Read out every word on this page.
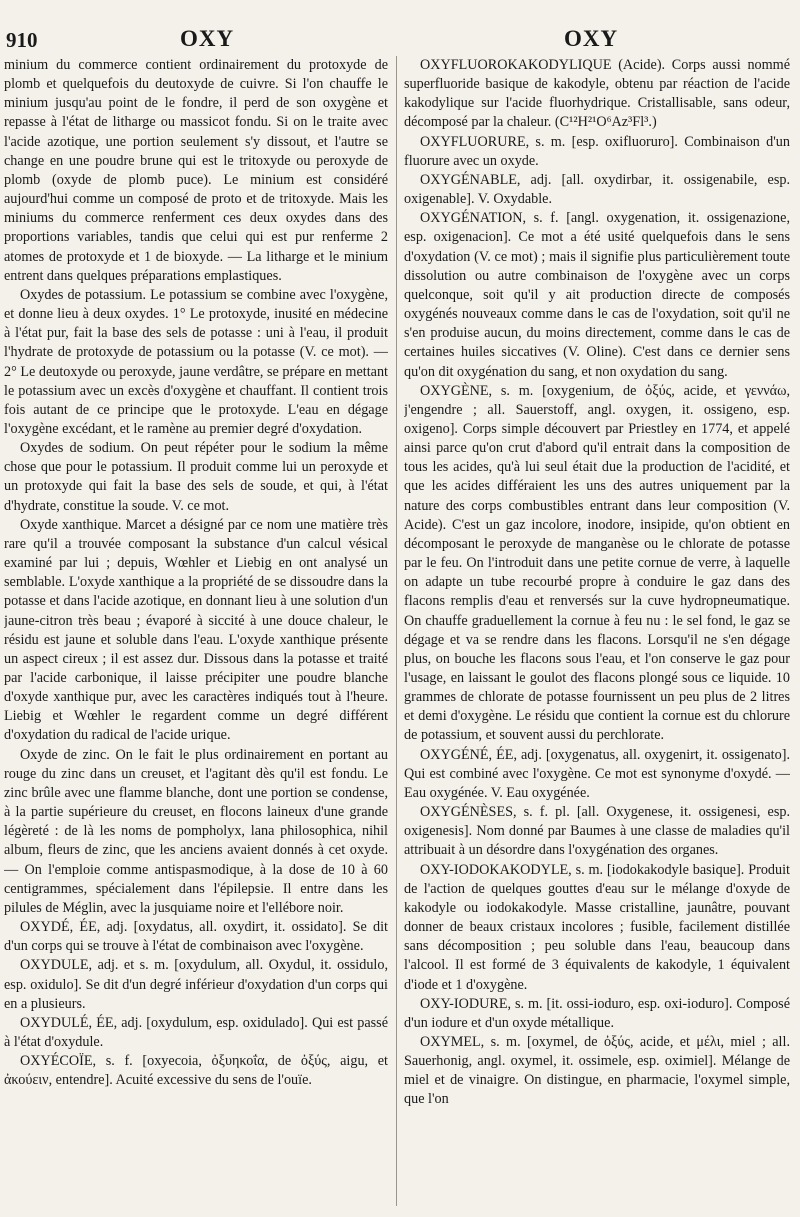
910	OXY	OXY

minium du commerce contient ordinairement du protoxyde de plomb et quelquefois du deutoxyde de cuivre. Si l'on chauffe le minium jusqu'au point de le fondre, il perd de son oxygène et repasse à l'état de litharge ou massicot fondu. Si on le traite avec l'acide azotique, une portion seulement s'y dissout, et l'autre se change en une poudre brune qui est le tritoxyde ou peroxyde de plomb (oxyde de plomb puce). Le minium est considéré aujourd'hui comme un composé de proto et de tritoxyde. Mais les miniums du commerce renferment ces deux oxydes dans des proportions variables, tandis que celui qui est pur renferme 2 atomes de protoxyde et 1 de bioxyde. — La litharge et le minium entrent dans quelques préparations emplastiques.

Oxydes de potassium. Le potassium se combine avec l'oxygène, et donne lieu à deux oxydes. 1° Le protoxyde, inusité en médecine à l'état pur, fait la base des sels de potasse : uni à l'eau, il produit l'hydrate de protoxyde de potassium ou la potasse (V. ce mot). — 2° Le deutoxyde ou peroxyde, jaune verdâtre, se prépare en mettant le potassium avec un excès d'oxygène et chauffant. Il contient trois fois autant de ce principe que le protoxyde. L'eau en dégage l'oxygène excédant, et le ramène au premier degré d'oxydation.

Oxydes de sodium. On peut répéter pour le sodium la même chose que pour le potassium. Il produit comme lui un peroxyde et un protoxyde qui fait la base des sels de soude, et qui, à l'état d'hydrate, constitue la soude. V. ce mot.

Oxyde xanthique. Marcet a désigné par ce nom une matière très rare qu'il a trouvée composant la substance d'un calcul vésical examiné par lui ; depuis, Wœhler et Liebig en ont analysé un semblable. L'oxyde xanthique a la propriété de se dissoudre dans la potasse et dans l'acide azotique, en donnant lieu à une solution d'un jaune-citron très beau ; évaporé à siccité à une douce chaleur, le résidu est jaune et soluble dans l'eau. L'oxyde xanthique présente un aspect cireux ; il est assez dur. Dissous dans la potasse et traité par l'acide carbonique, il laisse précipiter une poudre blanche d'oxyde xanthique pur, avec les caractères indiqués tout à l'heure. Liebig et Wœhler le regardent comme un degré différent d'oxydation du radical de l'acide urique.

Oxyde de zinc. On le fait le plus ordinairement en portant au rouge du zinc dans un creuset, et l'agitant dès qu'il est fondu. Le zinc brûle avec une flamme blanche, dont une portion se condense, à la partie supérieure du creuset, en flocons laineux d'une grande légèreté : de là les noms de pompholyx, lana philosophica, nihil album, fleurs de zinc, que les anciens avaient donnés à cet oxyde. — On l'emploie comme antispasmodique, à la dose de 10 à 60 centigrammes, spécialement dans l'épilepsie. Il entre dans les pilules de Méglin, avec la jusquiame noire et l'ellébore noir.

OXYDÉ, ÉE, adj. [oxydatus, all. oxydirt, it. ossidato]. Se dit d'un corps qui se trouve à l'état de combinaison avec l'oxygène.

OXYDULE, adj. et s. m. [oxydulum, all. Oxydul, it. ossidulo, esp. oxidulo]. Se dit d'un degré inférieur d'oxydation d'un corps qui en a plusieurs.

OXYDULÉ, ÉE, adj. [oxydulum, esp. oxidulado]. Qui est passé à l'état d'oxydule.

OXYÉCOÏE, s. f. [oxyecoia, ὀξυηκοΐα, de ὀξύς, aigu, et ἀκούειν, entendre]. Acuité excessive du sens de l'ouïe.

OXYFLUOROKAKODYLIQUE (Acide). Corps aussi nommé superfluoride basique de kakodyle, obtenu par réaction de l'acide kakodylique sur l'acide fluorhydrique. Cristallisable, sans odeur, décomposé par la chaleur. (C¹²H²¹O⁶Az³Fl³.)

OXYFLUORURE, s. m. [esp. oxifluoruro]. Combinaison d'un fluorure avec un oxyde.

OXYGÉNABLE, adj. [all. oxydirbar, it. ossigenabile, esp. oxigenable]. V. Oxydable.

OXYGÉNATION, s. f. [angl. oxygenation, it. ossigenazione, esp. oxigenacion]. Ce mot a été usité quelquefois dans le sens d'oxydation (V. ce mot) ; mais il signifie plus particulièrement toute dissolution ou autre combinaison de l'oxygène avec un corps quelconque, soit qu'il y ait production directe de composés oxygénés nouveaux comme dans le cas de l'oxydation, soit qu'il ne s'en produise aucun, du moins directement, comme dans le cas de certaines huiles siccatives (V. Oline). C'est dans ce dernier sens qu'on dit oxygénation du sang, et non oxydation du sang.

OXYGÈNE, s. m. [oxygenium, de ὀξύς, acide, et γεννάω, j'engendre ; all. Sauerstoff, angl. oxygen, it. ossigeno, esp. oxigeno]. Corps simple découvert par Priestley en 1774, et appelé ainsi parce qu'on crut d'abord qu'il entrait dans la composition de tous les acides, qu'à lui seul était due la production de l'acidité, et que les acides différaient les uns des autres uniquement par la nature des corps combustibles entrant dans leur composition (V. Acide). C'est un gaz incolore, inodore, insipide, qu'on obtient en décomposant le peroxyde de manganèse ou le chlorate de potasse par le feu. On l'introduit dans une petite cornue de verre, à laquelle on adapte un tube recourbé propre à conduire le gaz dans des flacons remplis d'eau et renversés sur la cuve hydropneumatique. On chauffe graduellement la cornue à feu nu : le sel fond, le gaz se dégage et va se rendre dans les flacons. Lorsqu'il ne s'en dégage plus, on bouche les flacons sous l'eau, et l'on conserve le gaz pour l'usage, en laissant le goulot des flacons plongé sous ce liquide. 10 grammes de chlorate de potasse fournissent un peu plus de 2 litres et demi d'oxygène. Le résidu que contient la cornue est du chlorure de potassium, et souvent aussi du perchlorate.

OXYGÉNÉ, ÉE, adj. [oxygenatus, all. oxygenirt, it. ossigenato]. Qui est combiné avec l'oxygène. Ce mot est synonyme d'oxydé. — Eau oxygénée. V. Eau oxygénée.

OXYGÉNÈSES, s. f. pl. [all. Oxygenese, it. ossigenesi, esp. oxigenesis]. Nom donné par Baumes à une classe de maladies qu'il attribuait à un désordre dans l'oxygénation des organes.

OXY-IODOKAKODYLE, s. m. [iodokakodyle basique]. Produit de l'action de quelques gouttes d'eau sur le mélange d'oxyde de kakodyle ou iodokakodyle. Masse cristalline, jaunâtre, pouvant donner de beaux cristaux incolores ; fusible, facilement distillée sans décomposition ; peu soluble dans l'eau, beaucoup dans l'alcool. Il est formé de 3 équivalents de kakodyle, 1 équivalent d'iode et 1 d'oxygène.

OXY-IODURE, s. m. [it. ossi-ioduro, esp. oxi-ioduro]. Composé d'un iodure et d'un oxyde métallique.

OXYMEL, s. m. [oxymel, de ὀξύς, acide, et μέλι, miel ; all. Sauerhonig, angl. oxymel, it. ossimele, esp. oximiel]. Mélange de miel et de vinaigre. On distingue, en pharmacie, l'oxymel simple, que l'on
